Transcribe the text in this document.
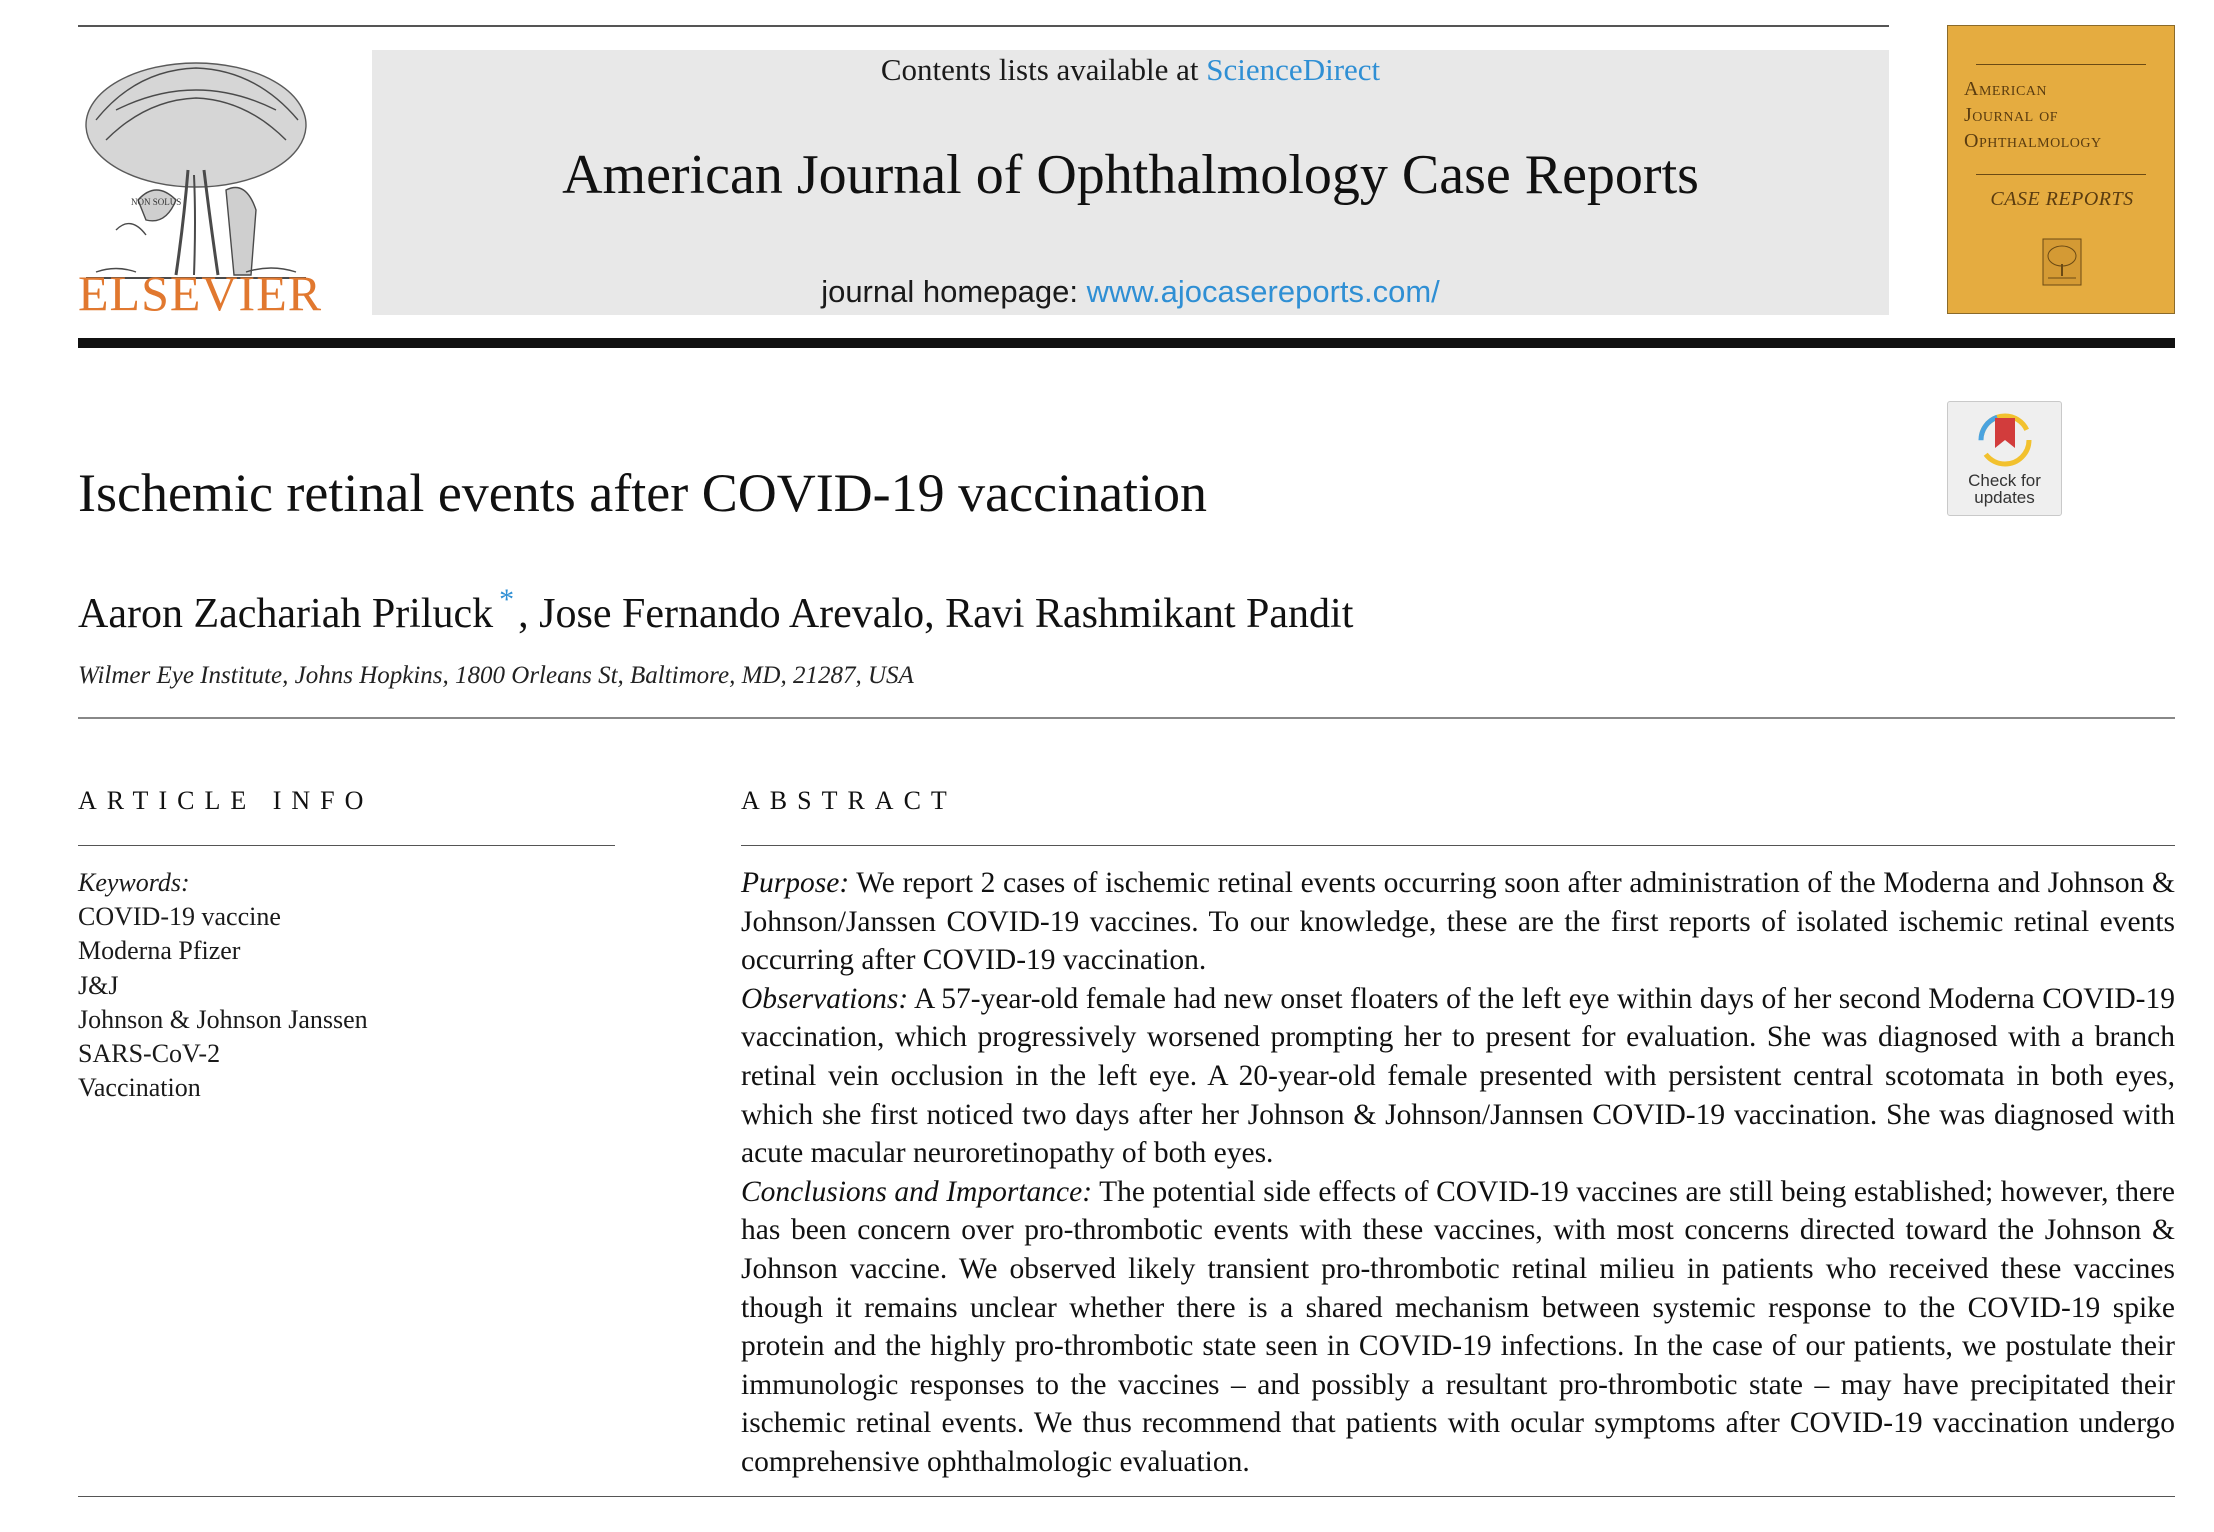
NON SOLUS
ELSEVIER
Contents lists available at ScienceDirect
American Journal of Ophthalmology Case Reports
journal homepage: www.ajocasereports.com/
American
Journal of
Ophthalmology
CASE REPORTS
Check for
updates
Ischemic retinal events after COVID-19 vaccination
Aaron Zachariah Priluck *, Jose Fernando Arevalo, Ravi Rashmikant Pandit
Wilmer Eye Institute, Johns Hopkins, 1800 Orleans St, Baltimore, MD, 21287, USA
ARTICLE INFO
Keywords:
COVID-19 vaccine
Moderna Pfizer
J&J
Johnson & Johnson Janssen
SARS-CoV-2
Vaccination
ABSTRACT

Purpose: We report 2 cases of ischemic retinal events occurring soon after administration of the Moderna and Johnson & Johnson/Janssen COVID-19 vaccines. To our knowledge, these are the first reports of isolated ischemic retinal events occurring after COVID-19 vaccination.

Observations: A 57-year-old female had new onset floaters of the left eye within days of her second Moderna COVID-19 vaccination, which progressively worsened prompting her to present for evaluation. She was diagnosed with a branch retinal vein occlusion in the left eye. A 20-year-old female presented with persistent central scotomata in both eyes, which she first noticed two days after her Johnson & Johnson/Jannsen COVID-19 vaccination. She was diagnosed with acute macular neuroretinopathy of both eyes.

Conclusions and Importance: The potential side effects of COVID-19 vaccines are still being established; however, there has been concern over pro-thrombotic events with these vaccines, with most concerns directed toward the Johnson & Johnson vaccine. We observed likely transient pro-thrombotic retinal milieu in patients who received these vaccines though it remains unclear whether there is a shared mechanism between systemic response to the COVID-19 spike protein and the highly pro-thrombotic state seen in COVID-19 infections. In the case of our patients, we postulate their immunologic responses to the vaccines – and possibly a resultant pro-thrombotic state – may have precipitated their ischemic retinal events. We thus recommend that patients with ocular symptoms after COVID-19 vaccination undergo comprehensive ophthalmologic evaluation.
